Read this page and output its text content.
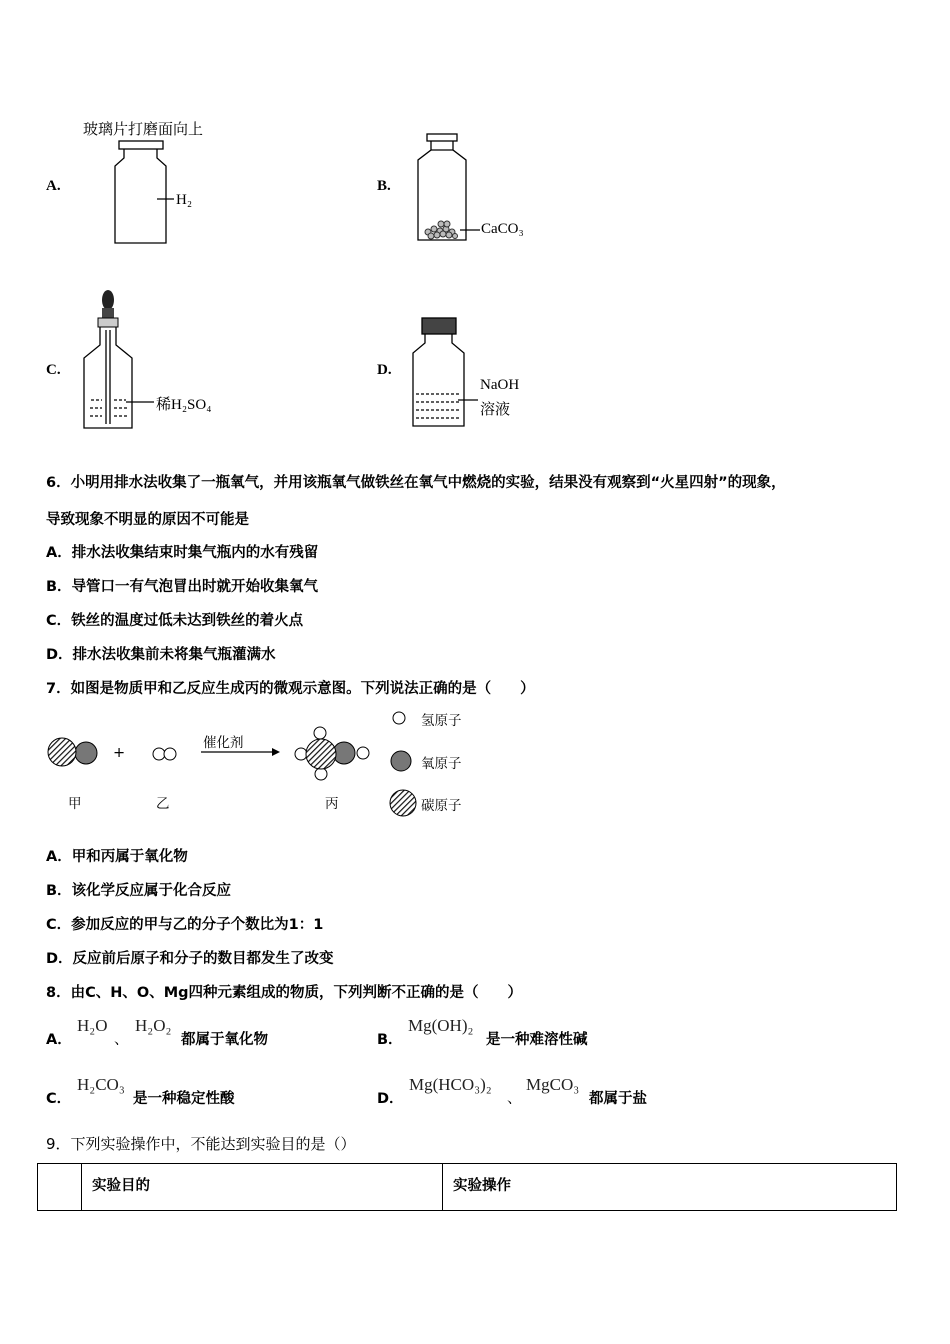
A.
玻璃片打磨面向上
H₂
B.
CaCO₃
C.
稀H₂SO₄
D.
NaOH
溶液
6．小明用排水法收集了一瓶氧气，并用该瓶氧气做铁丝在氧气中燃烧的实验，结果没有观察到“火星四射”的现象，
导致现象不明显的原因不可能是
A．排水法收集结束时集气瓶内的水有残留
B．导管口一有气泡冒出时就开始收集氧气
C．铁丝的温度过低未达到铁丝的着火点
D．排水法收集前未将集气瓶灌满水
7．如图是物质甲和乙反应生成丙的微观示意图。下列说法正确的是（　　）
+
催化剂
甲	乙	丙
氢原子
氧原子
碳原子
A．甲和丙属于氧化物
B．该化学反应属于化合反应
C．参加反应的甲与乙的分子个数比为1：1
D．反应前后原子和分子的数目都发生了改变
8．由C、H、O、Mg四种元素组成的物质，下列判断不正确的是（　　）
A．
H₂O
、
H₂O₂
都属于氧化物	B．
Mg(OH)₂
是一种难溶性碱
C．
H₂CO₃
是一种稳定性酸	D．
Mg(HCO₃)₂
、
MgCO₃
都属于盐
9．下列实验操作中，不能达到实验目的是（）
	实验目的	实验操作
